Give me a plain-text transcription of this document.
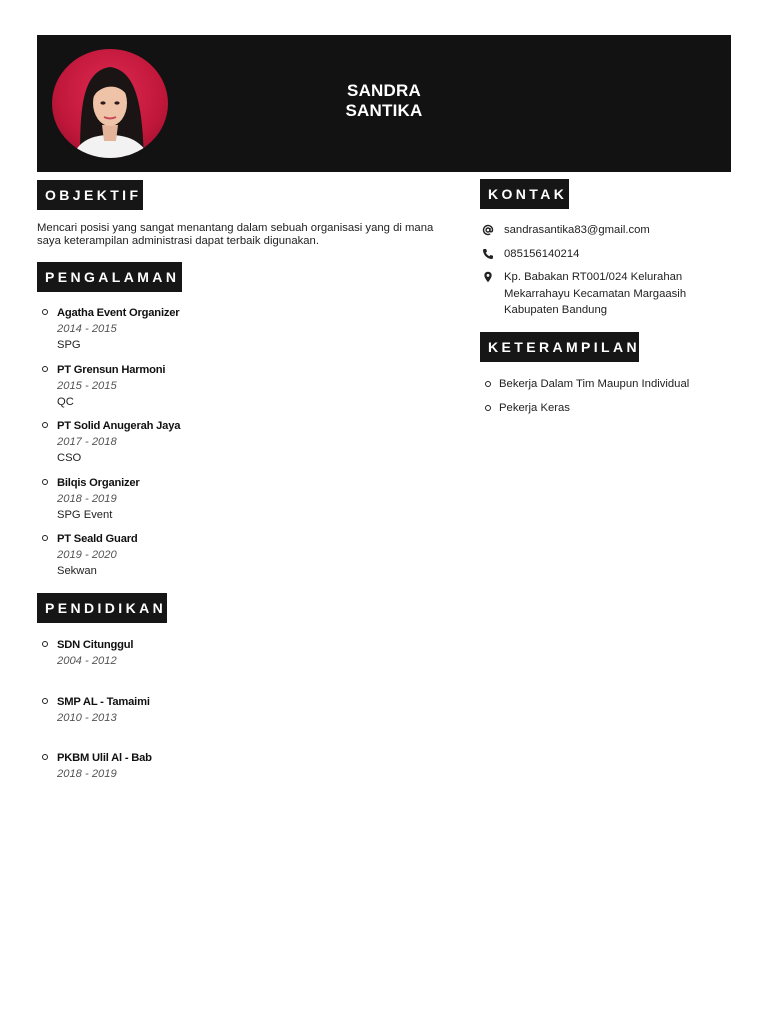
SANDRA SANTIKA
OBJEKTIF
Mencari posisi yang sangat menantang dalam sebuah organisasi yang di mana saya keterampilan administrasi dapat terbaik digunakan.
PENGALAMAN
Agatha Event Organizer
2014 - 2015
SPG
PT Grensun Harmoni
2015 - 2015
QC
PT Solid Anugerah Jaya
2017 - 2018
CSO
Bilqis Organizer
2018 - 2019
SPG Event
PT Seald Guard
2019 - 2020
Sekwan
PENDIDIKAN
SDN Citunggul
2004 - 2012
SMP AL - Tamaimi
2010 - 2013
PKBM Ulil Al - Bab
2018 - 2019
KONTAK
sandrasantika83@gmail.com
085156140214
Kp. Babakan RT001/024 Kelurahan Mekarrahayu Kecamatan Margaasih Kabupaten Bandung
KETERAMPILAN
Bekerja Dalam Tim Maupun Individual
Pekerja Keras
